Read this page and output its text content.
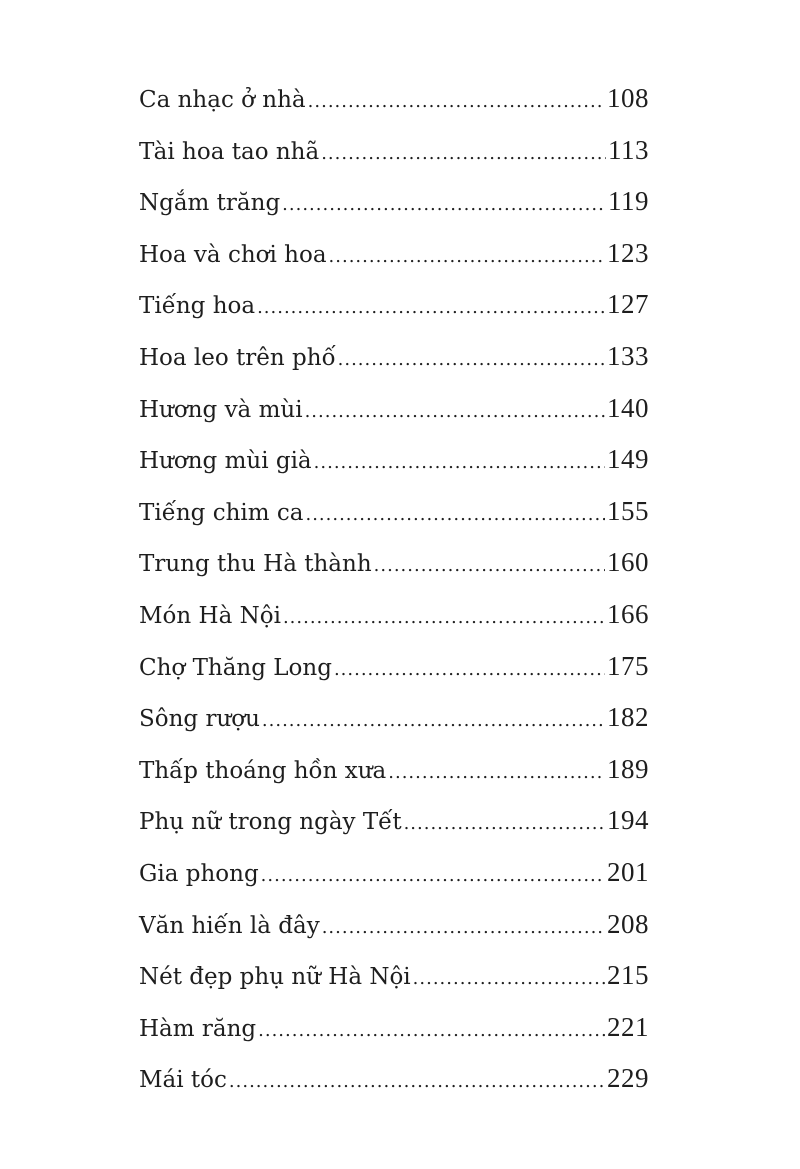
Ca nhạc ở nhà .....	108
Tài hoa tao nhã .....	113
Ngắm trăng .....	119
Hoa và chơi hoa .....	123
Tiếng hoa .....	127
Hoa leo trên phố .....	133
Hương và mùi .....	140
Hương mùi già .....	149
Tiếng chim ca .....	155
Trung thu Hà thành .....	160
Món Hà Nội .....	166
Chợ Thăng Long .....	175
Sông rượu .....	182
Thấp thoáng hồn xưa .....	189
Phụ nữ trong ngày Tết .....	194
Gia phong .....	201
Văn hiến là đây .....	208
Nét đẹp phụ nữ Hà Nội .....	215
Hàm răng .....	221
Mái tóc .....	229
